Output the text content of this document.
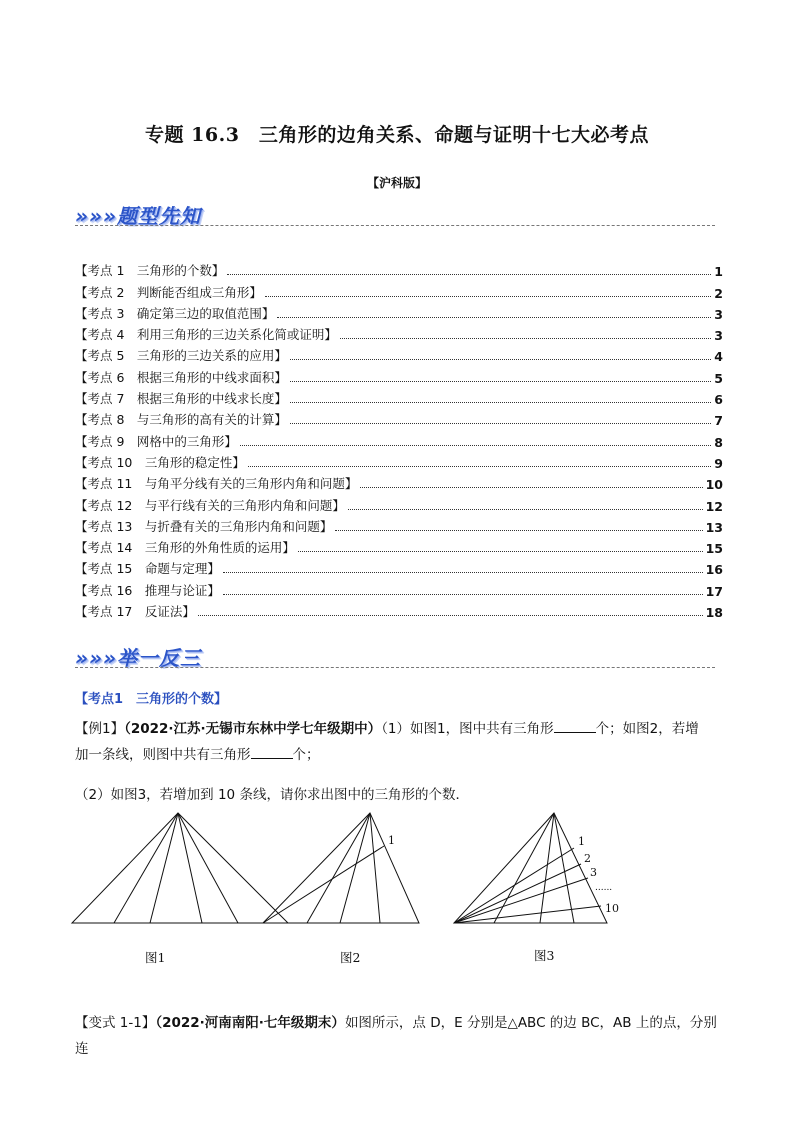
专题 16.3　三角形的边角关系、命题与证明十七大必考点
【沪科版】
»»»题型先知
【考点 1　三角形的个数】	1
【考点 2　判断能否组成三角形】	2
【考点 3　确定第三边的取值范围】	3
【考点 4　利用三角形的三边关系化简或证明】	3
【考点 5　三角形的三边关系的应用】	4
【考点 6　根据三角形的中线求面积】	5
【考点 7　根据三角形的中线求长度】	6
【考点 8　与三角形的高有关的计算】	7
【考点 9　网格中的三角形】	8
【考点 10　三角形的稳定性】	9
【考点 11　与角平分线有关的三角形内角和问题】	10
【考点 12　与平行线有关的三角形内角和问题】	12
【考点 13　与折叠有关的三角形内角和问题】	13
【考点 14　三角形的外角性质的运用】	15
【考点 15　命题与定理】	16
【考点 16　推理与论证】	17
【考点 17　反证法】	18
»»»举一反三
【考点1　三角形的个数】
【例1】（2022·江苏·无锡市东林中学七年级期中）（1）如图1，图中共有三角形	个；如图2，若增
加一条线，则图中共有三角形	个；
（2）如图3，若增加到 10 条线，请你求出图中的三角形的个数．
图1
1
图2
1
2
3
......
10
图3
【变式 1-1】（2022·河南南阳·七年级期末）如图所示，点 D，E 分别是△ABC 的边 BC，AB 上的点，分别连
